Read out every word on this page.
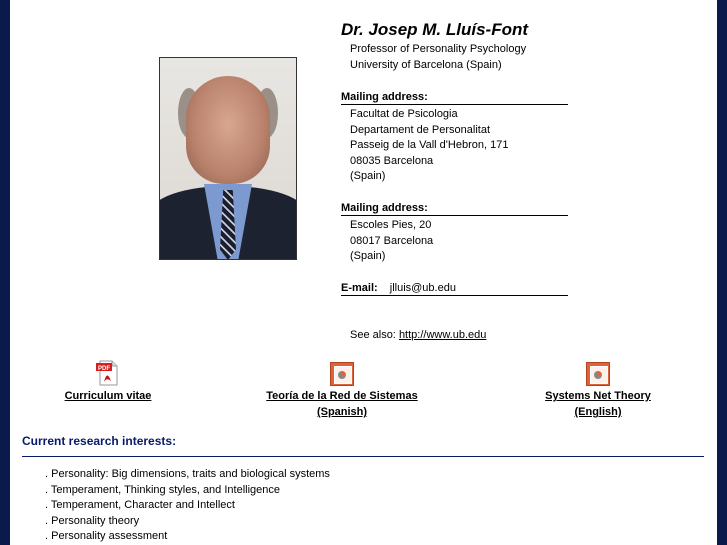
Dr. Josep M. Lluís-Font
Professor of Personality Psychology
University of Barcelona (Spain)
Mailing address:
Facultat de Psicologia
Departament de Personalitat
Passeig de la Vall d'Hebron, 171
08035 Barcelona
(Spain)
Mailing address:
Escoles Pies, 20
08017 Barcelona
(Spain)
E-mail: jlluis@ub.edu
See also: http://www.ub.edu
PDF
Curriculum vitae	Teoría de la Red de Sistemas
(Spanish)
Systems Net Theory
(English)
Current research interests:
. Personality: Big dimensions, traits and biological systems
. Temperament, Thinking styles, and Intelligence
. Temperament, Character and Intellect
. Personality theory
. Personality assessment
